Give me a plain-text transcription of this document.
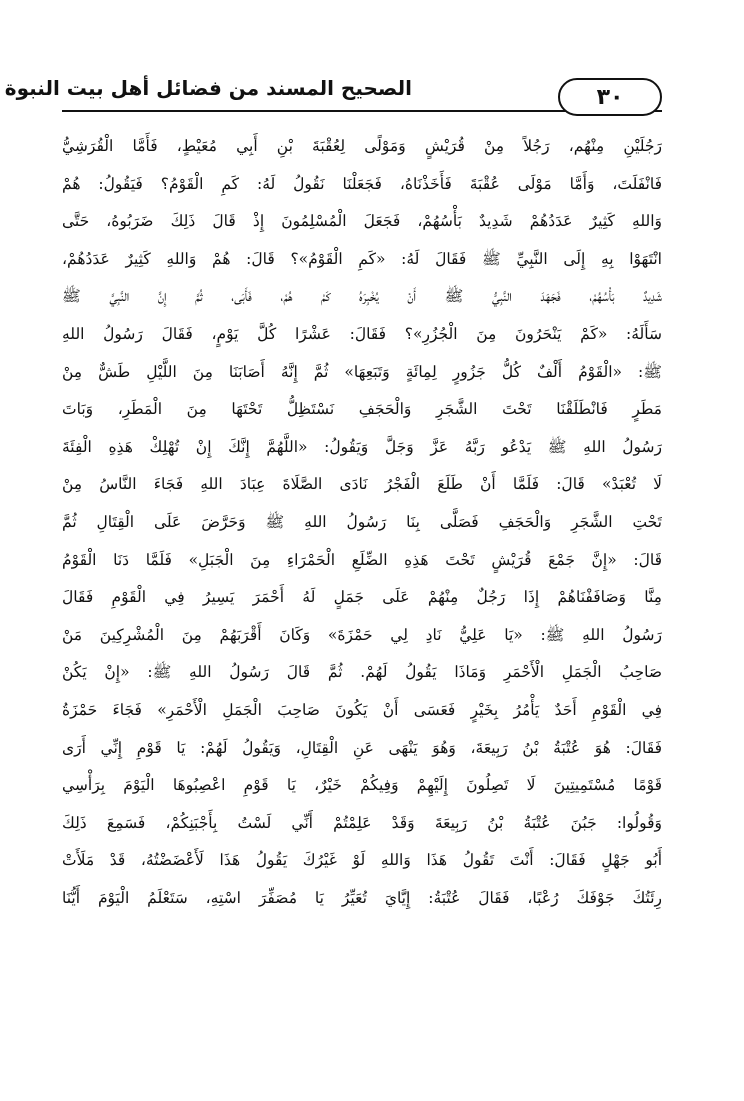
الصحيح المسند من فضائل أهل بيت النبوة	٣٠
رَجُلَيْنِ مِنْهُم، رَجُلاً مِنْ قُرَيْشٍ وَمَوْلًى لِعُقْبَةَ بْنِ أَبِي مُعَيْطٍ، فَأَمَّا الْقُرَشِيُّ
فَانْفَلَتَ، وَأَمَّا مَوْلَى عُقْبَةَ فَأَخَذْنَاهُ، فَجَعَلْنَا نَقُولُ لَهُ: كَمِ الْقَوْمُ؟ فَيَقُولُ: هُمْ
وَاللهِ كَثِيرٌ عَدَدُهُمْ شَدِيدٌ بَأْسُهُمْ، فَجَعَلَ الْمُسْلِمُونَ إِذْ قَالَ ذَلِكَ ضَرَبُوهُ، حَتَّى
انْتَهَوْا بِهِ إِلَى النَّبِيِّ ﷺ فَقَالَ لَهُ: «كَمِ الْقَوْمُ»؟ قَالَ: هُمْ وَاللهِ كَثِيرٌ عَدَدُهُمْ،
شَدِيدٌ بَأْسُهُمْ، فَجَهَدَ النَّبِيُّ ﷺ أَنْ يُخْبِرَهُ كَمْ هُمْ، فَأَبَى، ثُمَّ إِنَّ النَّبِيَّ ﷺ
سَأَلَهُ: «كَمْ يَنْحَرُونَ مِنَ الْجُزُرِ»؟ فَقَالَ: عَشْرًا كُلَّ يَوْمٍ، فَقَالَ رَسُولُ اللهِ
ﷺ: «الْقَوْمُ أَلْفٌ كُلُّ جَزُورٍ لِمِائَةٍ وَتَبَعِهَا» ثُمَّ إِنَّهُ أَصَابَنَا مِنَ اللَّيْلِ طَشٌّ مِنْ
مَطَرٍ فَانْطَلَقْنَا تَحْتَ الشَّجَرِ وَالْحَجَفِ نَسْتَظِلُّ تَحْتَهَا مِنَ الْمَطَرِ، وَبَاتَ
رَسُولُ اللهِ ﷺ يَدْعُو رَبَّهُ عَزَّ وَجَلَّ وَيَقُولُ: «اللَّهُمَّ إِنَّكَ إِنْ تُهْلِكْ هَذِهِ الْفِئَةَ
لَا تُعْبَدْ» قَالَ: فَلَمَّا أَنْ طَلَعَ الْفَجْرُ نَادَى الصَّلَاةَ عِبَادَ اللهِ فَجَاءَ النَّاسُ مِنْ
تَحْتِ الشَّجَرِ وَالْحَجَفِ فَصَلَّى بِنَا رَسُولُ اللهِ ﷺ وَحَرَّضَ عَلَى الْقِتَالِ ثُمَّ
قَالَ: «إِنَّ جَمْعَ قُرَيْشٍ تَحْتَ هَذِهِ الضِّلَعِ الْحَمْرَاءِ مِنَ الْجَبَلِ» فَلَمَّا دَنَا الْقَوْمُ
مِنَّا وَصَافَفْنَاهُمْ إِذَا رَجُلٌ مِنْهُمْ عَلَى جَمَلٍ لَهُ أَحْمَرَ يَسِيرُ فِي الْقَوْمِ فَقَالَ
رَسُولُ اللهِ ﷺ: «يَا عَلِيُّ نَادِ لِي حَمْزَةَ» وَكَانَ أَقْرَبَهُمْ مِنَ الْمُشْرِكِينَ مَنْ
صَاحِبُ الْجَمَلِ الْأَحْمَرِ وَمَاذَا يَقُولُ لَهُمْ. ثُمَّ قَالَ رَسُولُ اللهِ ﷺ: «إِنْ يَكُنْ
فِي الْقَوْمِ أَحَدٌ يَأْمُرُ بِخَيْرٍ فَعَسَى أَنْ يَكُونَ صَاحِبَ الْجَمَلِ الْأَحْمَرِ» فَجَاءَ حَمْزَةُ
فَقَالَ: هُوَ عُتْبَةُ بْنُ رَبِيعَةَ، وَهُوَ يَنْهَى عَنِ الْقِتَالِ، وَيَقُولُ لَهُمْ: يَا قَوْمِ إِنِّي أَرَى
قَوْمًا مُسْتَمِيتِينَ لَا تَصِلُونَ إِلَيْهِمْ وَفِيكُمْ خَيْرٌ، يَا قَوْمِ اعْصِبُوهَا الْيَوْمَ بِرَأْسِي
وَقُولُوا: جَبُنَ عُتْبَةُ بْنُ رَبِيعَةَ وَقَدْ عَلِمْتُمْ أَنِّي لَسْتُ بِأَجْبَنِكُمْ، فَسَمِعَ ذَلِكَ
أَبُو جَهْلٍ فَقَالَ: أَنْتَ تَقُولُ هَذَا وَاللهِ لَوْ غَيْرُكَ يَقُولُ هَذَا لَأَعْضَضْتُهُ، قَدْ مَلَأَتْ
رِئَتُكَ جَوْفَكَ رُعْبًا، فَقَالَ عُتْبَةُ: إِيَّايَ تُعَيِّرُ يَا مُصَفِّرَ اسْتِهِ، سَتَعْلَمُ الْيَوْمَ أَيُّنَا
